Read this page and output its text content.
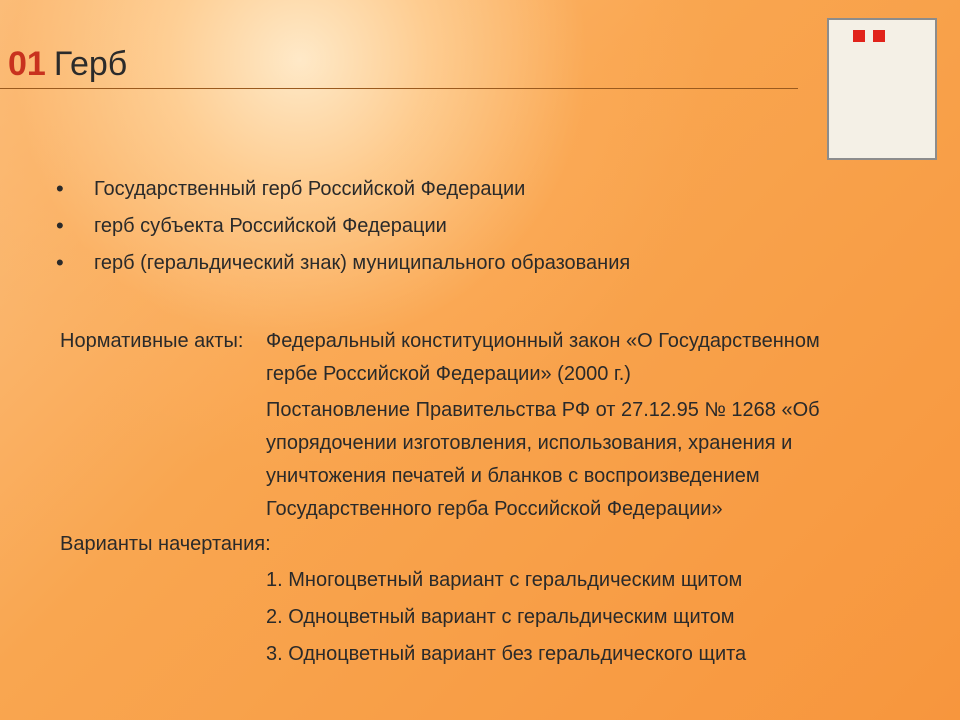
01 Герб
• Государственный герб Российской Федерации
• герб субъекта Российской Федерации
• герб (геральдический знак) муниципального образования
Нормативные акты: Федеральный конституционный закон «О Государственном
гербе Российской Федерации» (2000 г.)
Постановление Правительства РФ от 27.12.95 № 1268 «Об
упорядочении изготовления, использования, хранения и
уничтожения печатей и бланков с воспроизведением
Государственного герба Российской Федерации»
Варианты начертания:
1. Многоцветный вариант с геральдическим щитом
2. Одноцветный вариант с геральдическим щитом
3. Одноцветный вариант без геральдического щита
